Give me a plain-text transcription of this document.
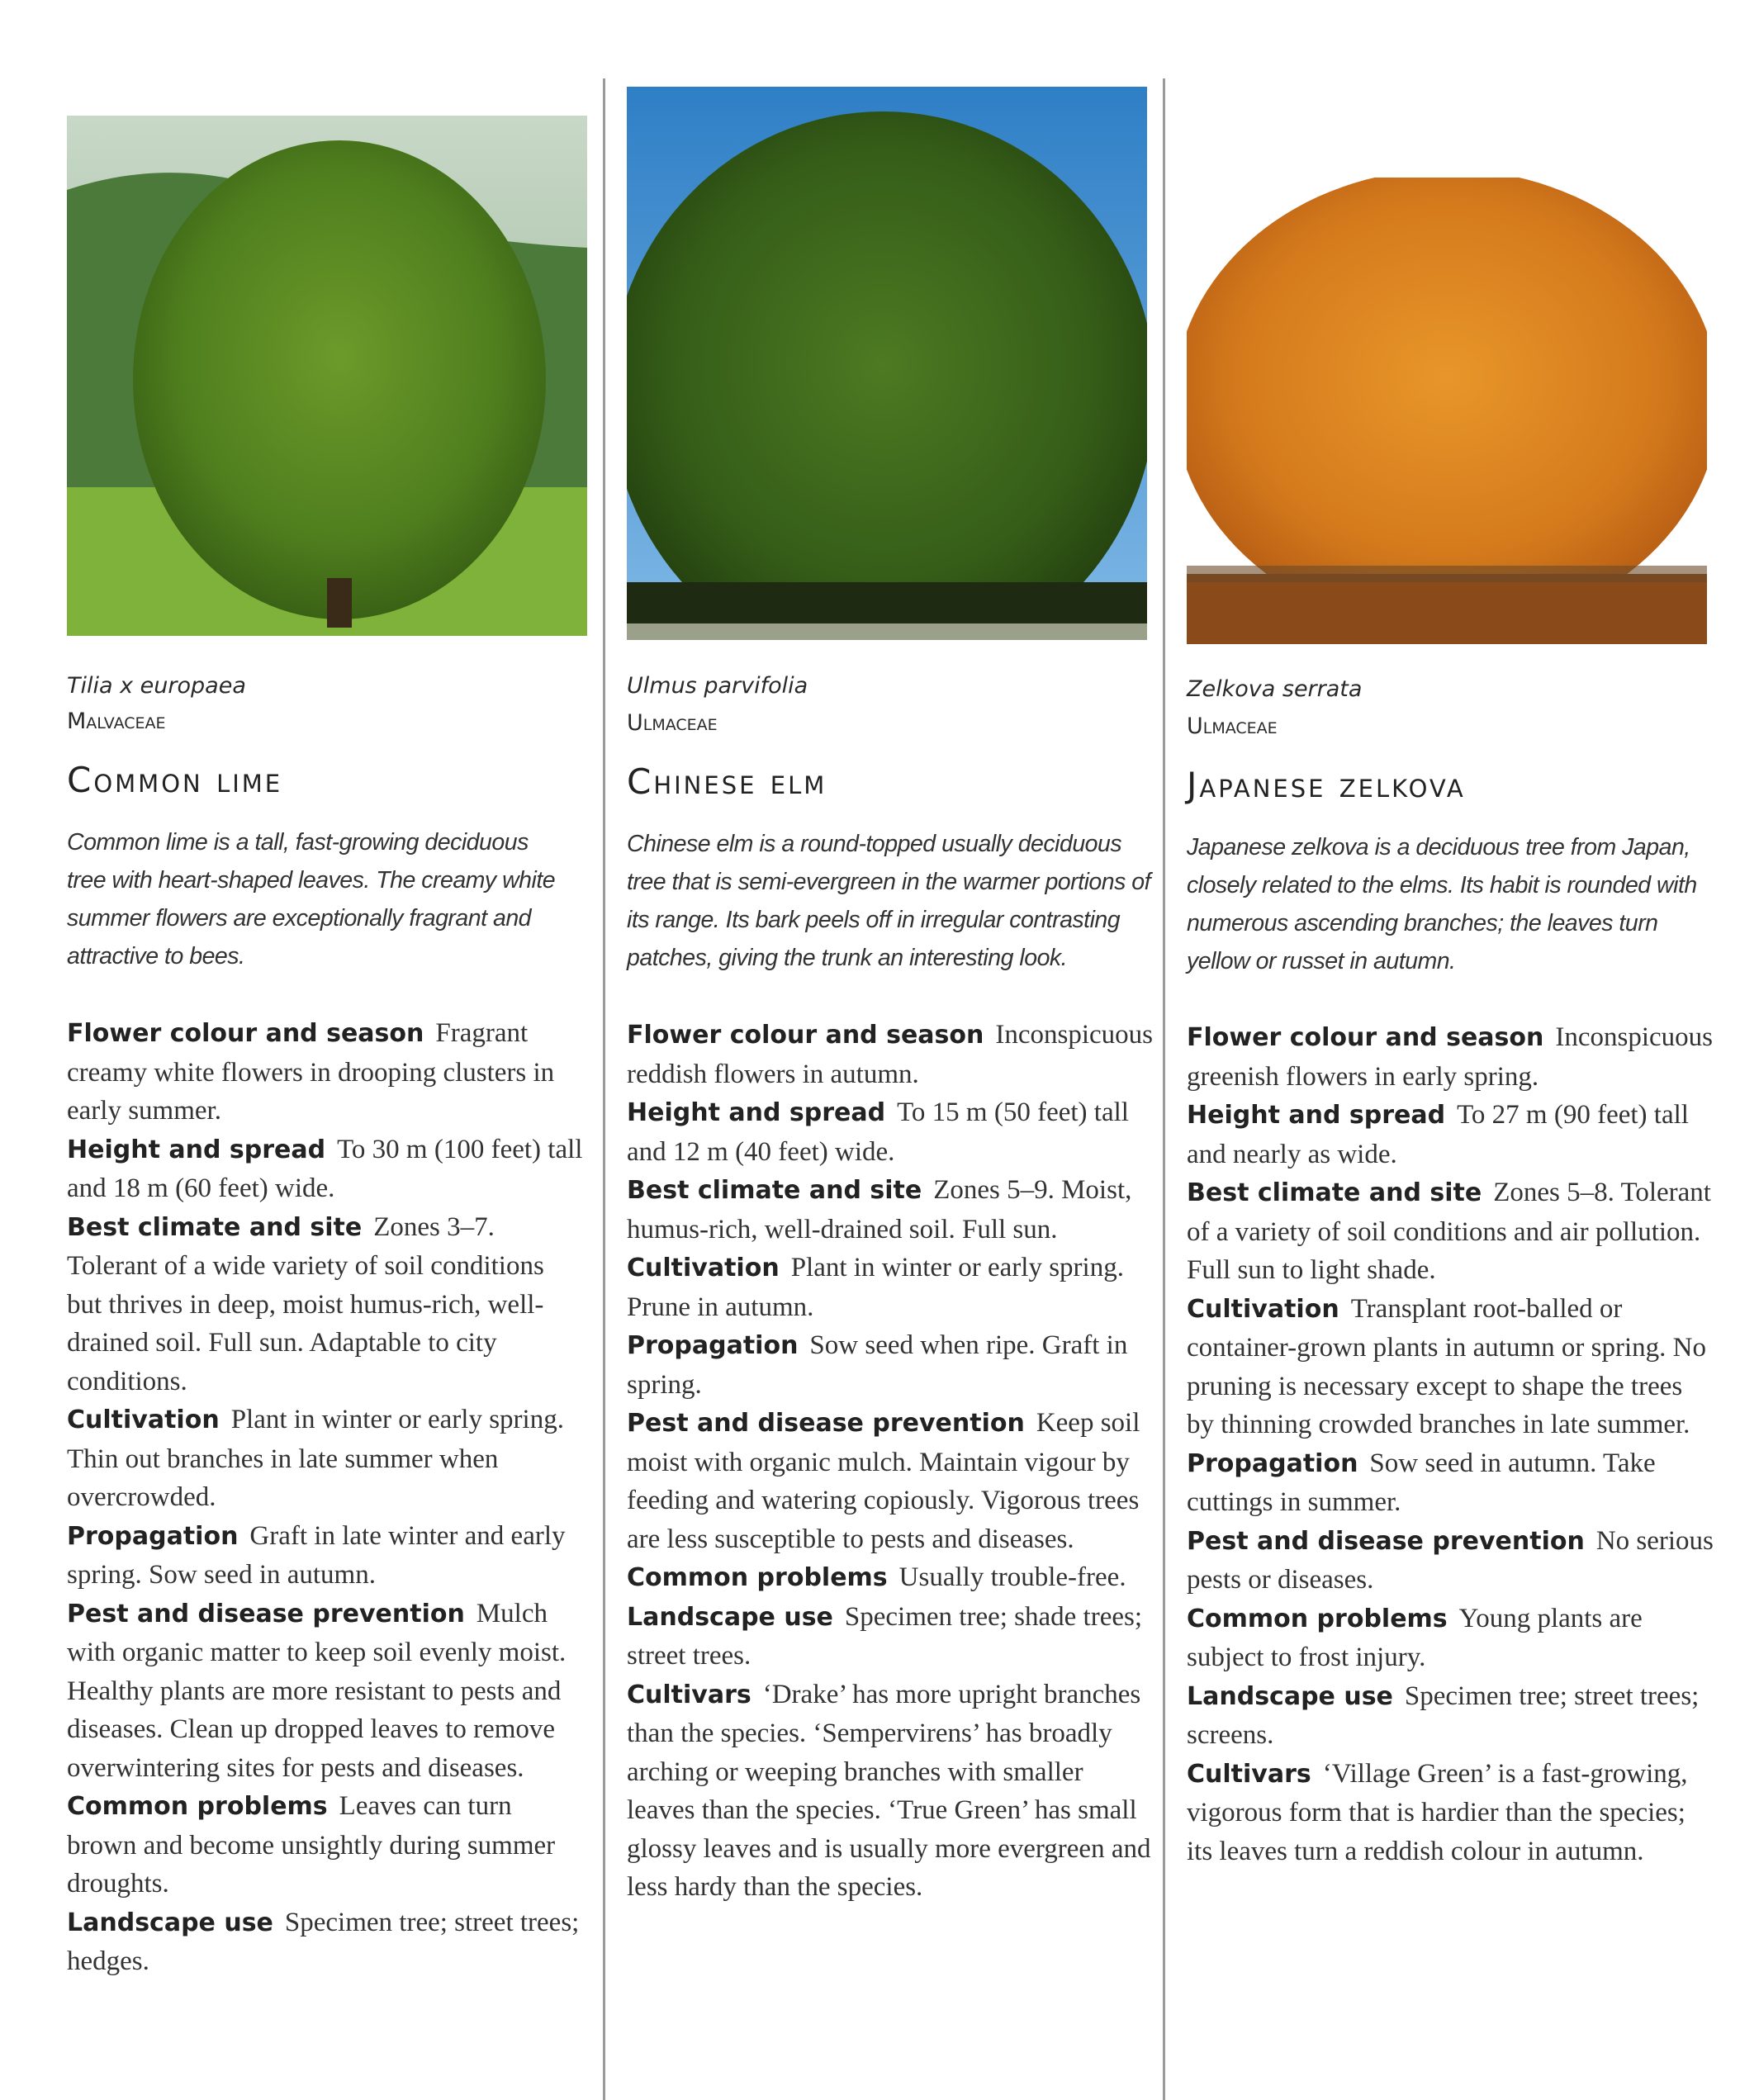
Tilia x europaea
Malvaceae
Common lime
Common lime is a tall, fast-growing deciduous tree with heart-shaped leaves. The creamy white summer flowers are exceptionally fragrant and attractive to bees.

Flower colour and season Fragrant creamy white flowers in drooping clusters in early summer.

Height and spread To 30 m (100 feet) tall and 18 m (60 feet) wide.

Best climate and site Zones 3–7. Tolerant of a wide variety of soil conditions but thrives in deep, moist humus-rich, well-drained soil. Full sun. Adaptable to city conditions.

Cultivation Plant in winter or early spring. Thin out branches in late summer when overcrowded.

Propagation Graft in late winter and early spring. Sow seed in autumn.

Pest and disease prevention Mulch with organic matter to keep soil evenly moist. Healthy plants are more resistant to pests and diseases. Clean up dropped leaves to remove overwintering sites for pests and diseases.

Common problems Leaves can turn brown and become unsightly during summer droughts.

Landscape use Specimen tree; street trees; hedges.

Ulmus parvifolia
Ulmaceae
Chinese elm
Chinese elm is a round-topped usually deciduous tree that is semi-evergreen in the warmer portions of its range. Its bark peels off in irregular contrasting patches, giving the trunk an interesting look.

Flower colour and season Inconspicuous reddish flowers in autumn.

Height and spread To 15 m (50 feet) tall and 12 m (40 feet) wide.

Best climate and site Zones 5–9. Moist, humus-rich, well-drained soil. Full sun.

Cultivation Plant in winter or early spring. Prune in autumn.

Propagation Sow seed when ripe. Graft in spring.

Pest and disease prevention Keep soil moist with organic mulch. Maintain vigour by feeding and watering copiously. Vigorous trees are less susceptible to pests and diseases.

Common problems Usually trouble-free.

Landscape use Specimen tree; shade trees; street trees.

Cultivars ‘Drake’ has more upright branches than the species. ‘Sempervirens’ has broadly arching or weeping branches with smaller leaves than the species. ‘True Green’ has small glossy leaves and is usually more evergreen and less hardy than the species.

Zelkova serrata
Ulmaceae
Japanese zelkova
Japanese zelkova is a deciduous tree from Japan, closely related to the elms. Its habit is rounded with numerous ascending branches; the leaves turn yellow or russet in autumn.

Flower colour and season Inconspicuous greenish flowers in early spring.

Height and spread To 27 m (90 feet) tall and nearly as wide.

Best climate and site Zones 5–8. Tolerant of a variety of soil conditions and air pollution. Full sun to light shade.

Cultivation Transplant root-balled or container-grown plants in autumn or spring. No pruning is necessary except to shape the trees by thinning crowded branches in late summer.

Propagation Sow seed in autumn. Take cuttings in summer.

Pest and disease prevention No serious pests or diseases.

Common problems Young plants are subject to frost injury.

Landscape use Specimen tree; street trees; screens.

Cultivars ‘Village Green’ is a fast-growing, vigorous form that is hardier than the species; its leaves turn a reddish colour in autumn.
